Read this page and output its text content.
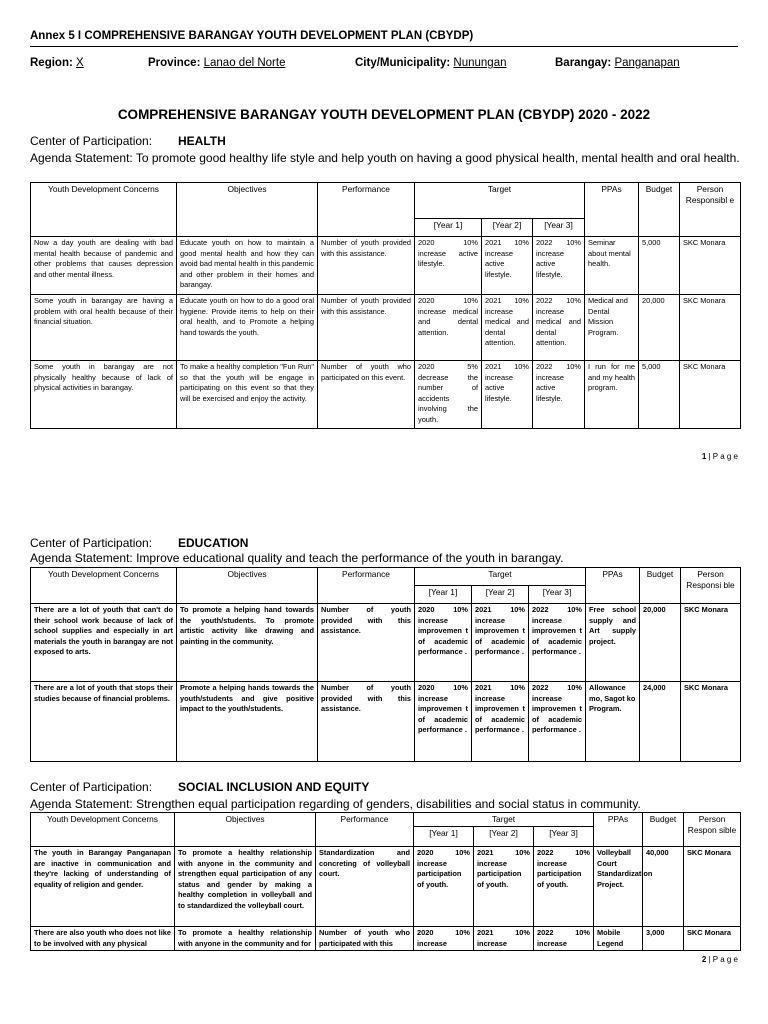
Annex 5 I COMPREHENSIVE BARANGAY YOUTH DEVELOPMENT PLAN (CBYDP)
Region: X	Province: Lanao del Norte	City/Municipality: Nunungan	Barangay: Panganapan
COMPREHENSIVE BARANGAY YOUTH DEVELOPMENT PLAN (CBYDP) 2020 - 2022
Center of Participation: HEALTH
Agenda Statement: To promote good healthy life style and help youth on having a good physical health, mental health and oral health.
Youth Development Concerns	Objectives	Performance	Target			PPAs	Budget	Person Responsibl e
			[Year 1]	[Year 2]	[Year 3]			
Now a day youth are dealing with bad mental health because of pandemic and other problems that causes depression and other mental illness.	Educate youth on how to maintain a good mental health and how they can avoid bad mental health in this pandemic and other problem in their homes and barangay.	Number of youth provided with this assistance.	2020 10% increase active lifestyle.	2021 10% increase active lifestyle.	2022 10% increase active lifestyle.	Seminar about mental health.	5,000	SKC Monara
Some youth in barangay are having a problem with oral health because of their financial situation.	Educate youth on how to do a good oral hygiene. Provide items to help on their oral health, and to Promote a helping hand towards the youth.	Number of youth provided with this assistance.	2020 10% increase medical and dental attention.	2021 10% increase medical and dental attention.	2022 10% increase medical and dental attention.	Medical and Dental Mission Program.	20,000	SKC Monara
Some youth in barangay are not physically healthy because of lack of physical activities in barangay.	To make a healthy completion "Fun Run" so that the youth will be engage in participating on this event so that they will be exercised and enjoy the activity.	Number of youth who participated on this event.	2020 5% decrease the number of accidents involving the youth.	2021 10% increase active lifestyle.	2022 10% increase active lifestyle.	I run for me and my health program.	5,000	SKC Monara
1 | P a g e
Center of Participation: EDUCATION
Agenda Statement: Improve educational quality and teach the performance of the youth in barangay.
Youth Development Concerns	Objectives	Performance	Target			PPAs	Budget	Person Responsi ble
			[Year 1]	[Year 2]	[Year 3]			
There are a lot of youth that can't do their school work because of lack of school supplies and especially in art materials the youth in barangay are not exposed to arts.	To promote a helping hand towards the youth/students. To promote artistic activity like drawing and painting in the community.	Number of youth provided with this assistance.	2020 10% increase improvemen t of academic performance .	2021 10% increase improvemen t of academic performance .	2022 10% increase improvemen t of academic performance .	Free school supply and Art supply project.	20,000	SKC Monara
There are a lot of youth that stops their studies because of financial problems.	Promote a helping hands towards the youth/students and give positive impact to the youth/students.	Number of youth provided with this assistance.	2020 10% increase improvemen t of academic performance .	2021 10% increase improvemen t of academic performance .	2022 10% increase improvemen t of academic performance .	Allowance mo, Sagot ko Program.	24,000	SKC Monara
Center of Participation: SOCIAL INCLUSION AND EQUITY
Agenda Statement: Strengthen equal participation regarding of genders, disabilities and social status in community.
Youth Development Concerns	Objectives	Performance	Target			PPAs	Budget	Person Respon sible
			[Year 1]	[Year 2]	[Year 3]			
The youth in Barangay Panganapan are inactive in communication and they're lacking of understanding of equality of religion and gender.	To promote a healthy relationship with anyone in the community and strengthen equal participation of any status and gender by making a healthy completion in volleyball and to standardized the volleyball court.	Standardization and concreting of volleyball court.	2020 10% increase participation of youth.	2021 10% increase participation of youth.	2022 10% increase participation of youth.	Volleyball Court Standardization Project.	40,000	SKC Monara
There are also youth who does not like to be involved with any physical	To promote a healthy relationship with anyone in the community and for	Number of youth who participated with this	2020 10% increase	2021 10% increase	2022 10% increase	Mobile Legend	3,000	SKC Monara
2 | P a g e
